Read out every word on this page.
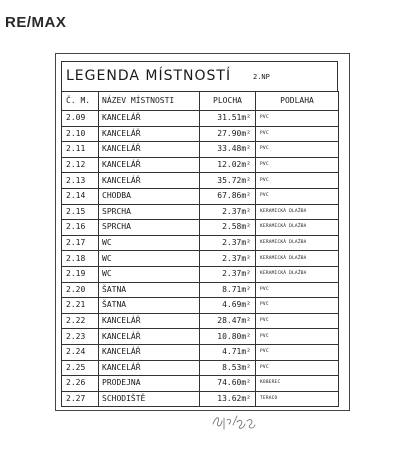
RE/MAX
LEGENDA MÍSTNOSTÍ	2.NP
Č. M.	NÁZEV MÍSTNOSTI	PLOCHA	PODLAHA
2.09	KANCELÁŘ	31.51m²	PVC
2.10	KANCELÁŘ	27.90m²	PVC
2.11	KANCELÁŘ	33.48m²	PVC
2.12	KANCELÁŘ	12.02m²	PVC
2.13	KANCELÁŘ	35.72m²	PVC
2.14	CHODBA	67.86m²	PVC
2.15	SPRCHA	2.37m²	KERAMICKÁ DLAŽBA
2.16	SPRCHA	2.58m²	KERAMICKÁ DLAŽBA
2.17	WC	2.37m²	KERAMICKÁ DLAŽBA
2.18	WC	2.37m²	KERAMICKÁ DLAŽBA
2.19	WC	2.37m²	KERAMICKÁ DLAŽBA
2.20	ŠATNA	8.71m²	PVC
2.21	ŠATNA	4.69m²	PVC
2.22	KANCELÁŘ	28.47m²	PVC
2.23	KANCELÁŘ	10.80m²	PVC
2.24	KANCELÁŘ	4.71m²	PVC
2.25	KANCELÁŘ	8.53m²	PVC
2.26	PRODEJNA	74.60m²	KOBEREC
2.27	SCHODIŠTĚ	13.62m²	TERACO
